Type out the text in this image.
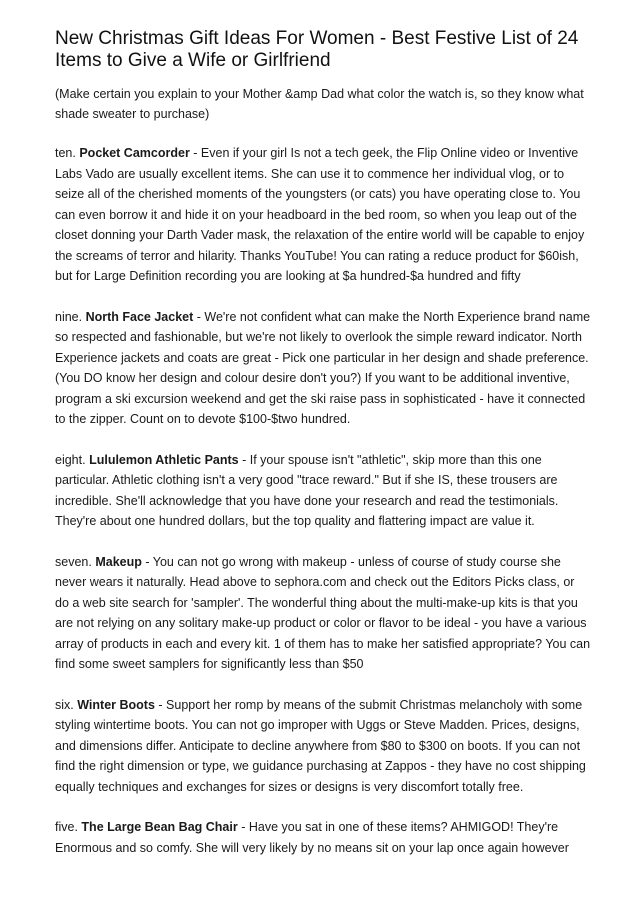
New Christmas Gift Ideas For Women - Best Festive List of 24 Items to Give a Wife or Girlfriend

(Make certain you explain to your Mother &amp Dad what color the watch is, so they know what shade sweater to purchase)

ten. Pocket Camcorder - Even if your girl Is not a tech geek, the Flip Online video or Inventive Labs Vado are usually excellent items. She can use it to commence her individual vlog, or to seize all of the cherished moments of the youngsters (or cats) you have operating close to. You can even borrow it and hide it on your headboard in the bed room, so when you leap out of the closet donning your Darth Vader mask, the relaxation of the entire world will be capable to enjoy the screams of terror and hilarity. Thanks YouTube! You can rating a reduce product for $60ish, but for Large Definition recording you are looking at $a hundred-$a hundred and fifty

nine. North Face Jacket - We're not confident what can make the North Experience brand name so respected and fashionable, but we're not likely to overlook the simple reward indicator. North Experience jackets and coats are great - Pick one particular in her design and shade preference. (You DO know her design and colour desire don't you?) If you want to be additional inventive, program a ski excursion weekend and get the ski raise pass in sophisticated - have it connected to the zipper. Count on to devote $100-$two hundred.

eight. Lululemon Athletic Pants - If your spouse isn't "athletic", skip more than this one particular. Athletic clothing isn't a very good "trace reward." But if she IS, these trousers are incredible. She'll acknowledge that you have done your research and read the testimonials. They're about one hundred dollars, but the top quality and flattering impact are value it.

seven. Makeup - You can not go wrong with makeup - unless of course of study course she never wears it naturally. Head above to sephora.com and check out the Editors Picks class, or do a web site search for 'sampler'. The wonderful thing about the multi-make-up kits is that you are not relying on any solitary make-up product or color or flavor to be ideal - you have a various array of products in each and every kit. 1 of them has to make her satisfied appropriate? You can find some sweet samplers for significantly less than $50

six. Winter Boots - Support her romp by means of the submit Christmas melancholy with some styling wintertime boots. You can not go improper with Uggs or Steve Madden. Prices, designs, and dimensions differ. Anticipate to decline anywhere from $80 to $300 on boots. If you can not find the right dimension or type, we guidance purchasing at Zappos - they have no cost shipping equally techniques and exchanges for sizes or designs is very discomfort totally free.

five. The Large Bean Bag Chair - Have you sat in one of these items? AHMIGOD! They're Enormous and so comfy. She will very likely by no means sit on your lap once again however
